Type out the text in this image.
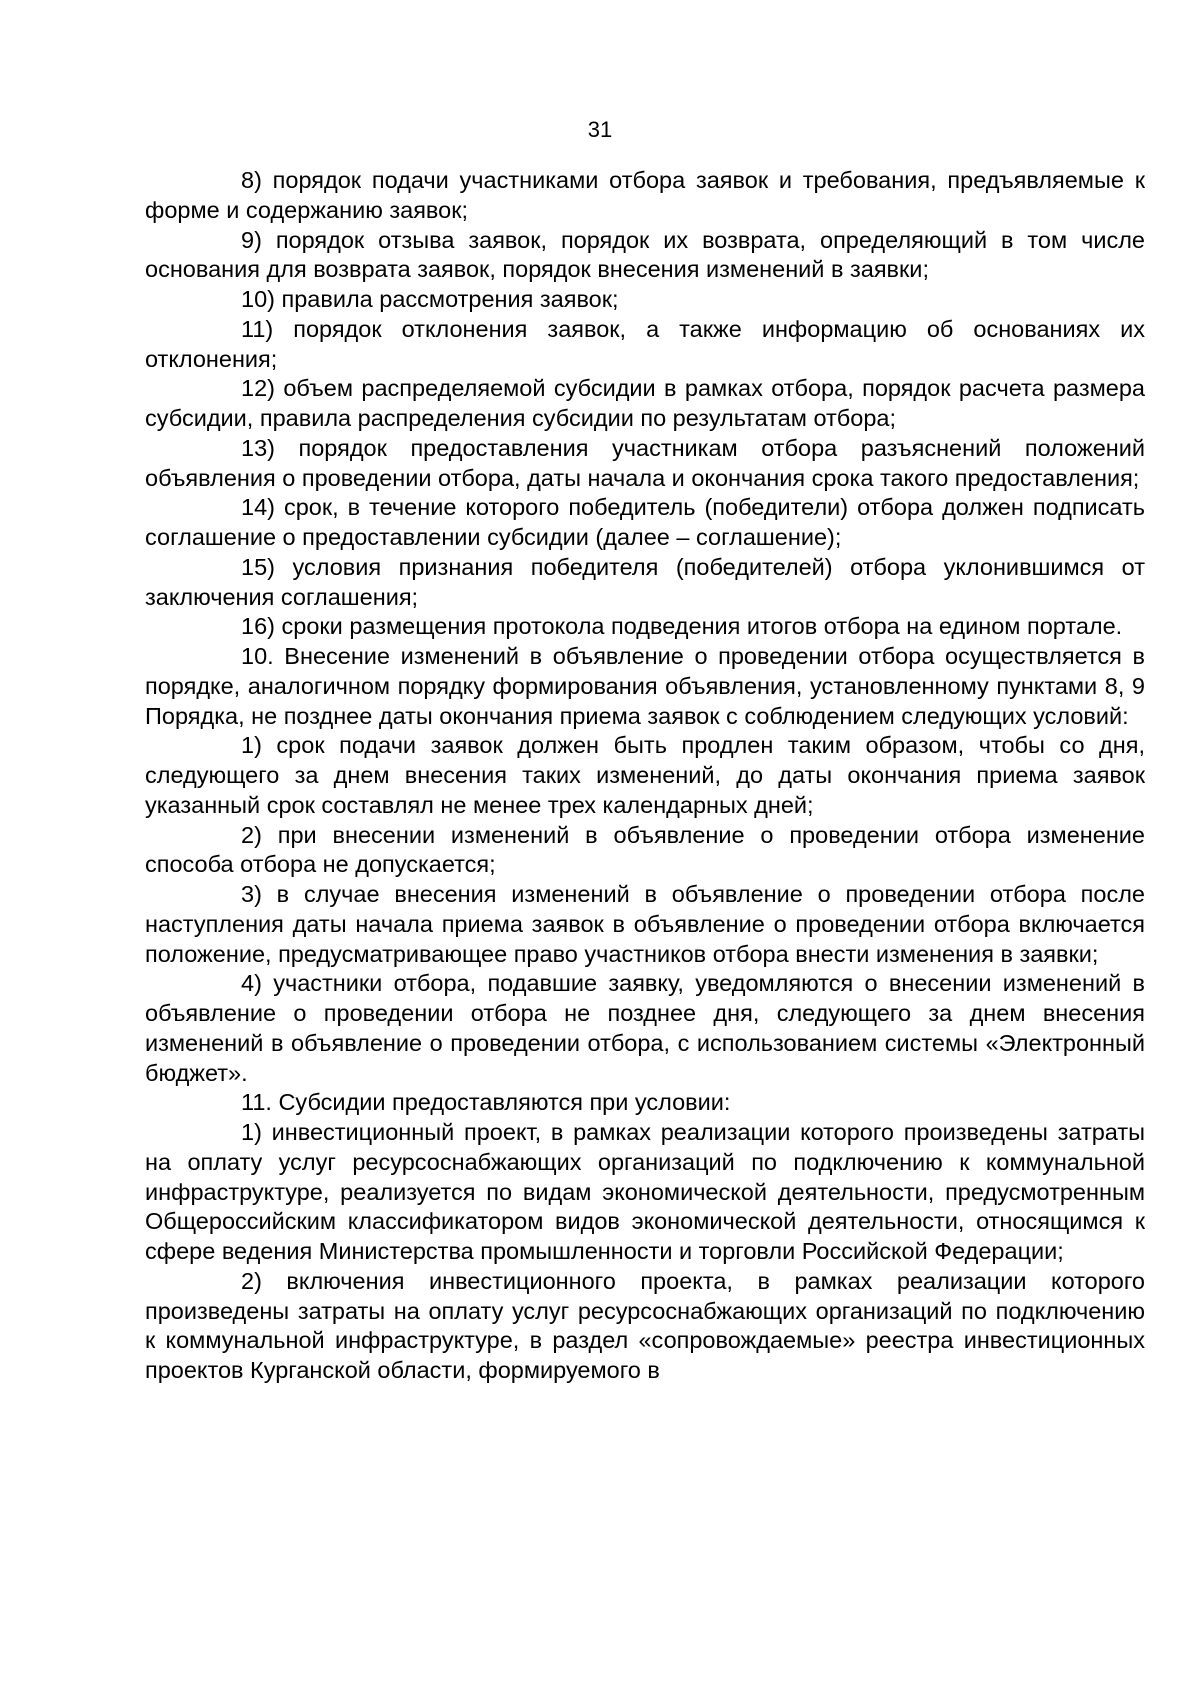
31

8) порядок подачи участниками отбора заявок и требования, предъявляемые к форме и содержанию заявок;

9) порядок отзыва заявок, порядок их возврата, определяющий в том числе основания для возврата заявок, порядок внесения изменений в заявки;

10) правила рассмотрения заявок;

11) порядок отклонения заявок, а также информацию об основаниях их отклонения;

12) объем распределяемой субсидии в рамках отбора, порядок расчета размера субсидии, правила распределения субсидии по результатам отбора;

13) порядок предоставления участникам отбора разъяснений положений объявления о проведении отбора, даты начала и окончания срока такого предоставления;

14) срок, в течение которого победитель (победители) отбора должен подписать соглашение о предоставлении субсидии (далее – соглашение);

15) условия признания победителя (победителей) отбора уклонившимся от заключения соглашения;

16) сроки размещения протокола подведения итогов отбора на едином портале.

10. Внесение изменений в объявление о проведении отбора осуществляется в порядке, аналогичном порядку формирования объявления, установленному пунктами 8, 9 Порядка, не позднее даты окончания приема заявок с соблюдением следующих условий:

1) срок подачи заявок должен быть продлен таким образом, чтобы со дня, следующего за днем внесения таких изменений, до даты окончания приема заявок указанный срок составлял не менее трех календарных дней;

2) при внесении изменений в объявление о проведении отбора изменение способа отбора не допускается;

3) в случае внесения изменений в объявление о проведении отбора после наступления даты начала приема заявок в объявление о проведении отбора включается положение, предусматривающее право участников отбора внести изменения в заявки;

4) участники отбора, подавшие заявку, уведомляются о внесении изменений в объявление о проведении отбора не позднее дня, следующего за днем внесения изменений в объявление о проведении отбора, с использованием системы «Электронный бюджет».

11. Субсидии предоставляются при условии:

1) инвестиционный проект, в рамках реализации которого произведены затраты на оплату услуг ресурсоснабжающих организаций по подключению к коммунальной инфраструктуре, реализуется по видам экономической деятельности, предусмотренным Общероссийским классификатором видов экономической деятельности, относящимся к сфере ведения Министерства промышленности и торговли Российской Федерации;

2) включения инвестиционного проекта, в рамках реализации которого произведены затраты на оплату услуг ресурсоснабжающих организаций по подключению к коммунальной инфраструктуре, в раздел «сопровождаемые» реестра инвестиционных проектов Курганской области, формируемого в
